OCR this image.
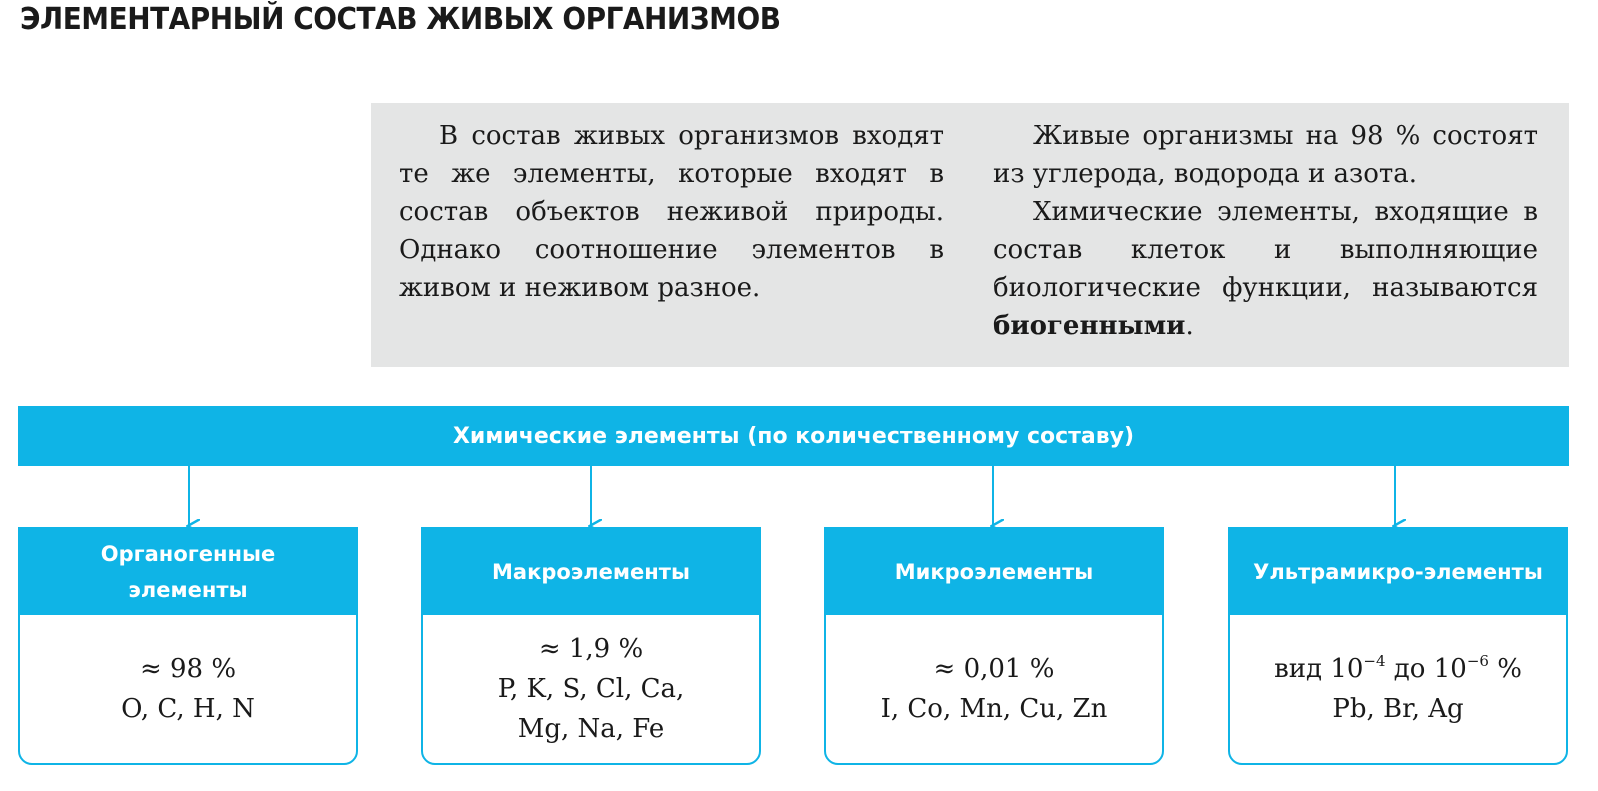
ЭЛЕМЕНТАРНЫЙ СОСТАВ ЖИВЫХ ОРГАНИЗМОВ

В состав живых организмов входят те же элементы, которые входят в состав объектов неживой природы. Однако соотношение элементов в живом и неживом разное.

Живые организмы на 98 % состоят из углерода, водорода и азота.

Химические элементы, входящие в состав клеток и выполняющие биологические функции, называются биогенными.

Химические элементы (по количественному составу)
Органогенные элементы
≈ 98 %
O, C, H, N
Макроэлементы
≈ 1,9 %
P, K, S, Cl, Ca,
Mg, Na, Fe
Микроэлементы
≈ 0,01 %
I, Co, Mn, Cu, Zn
Ультрамикро-элементы
вид $10^{-4}$ до $10^{-6}$ %
Pb, Br, Ag
